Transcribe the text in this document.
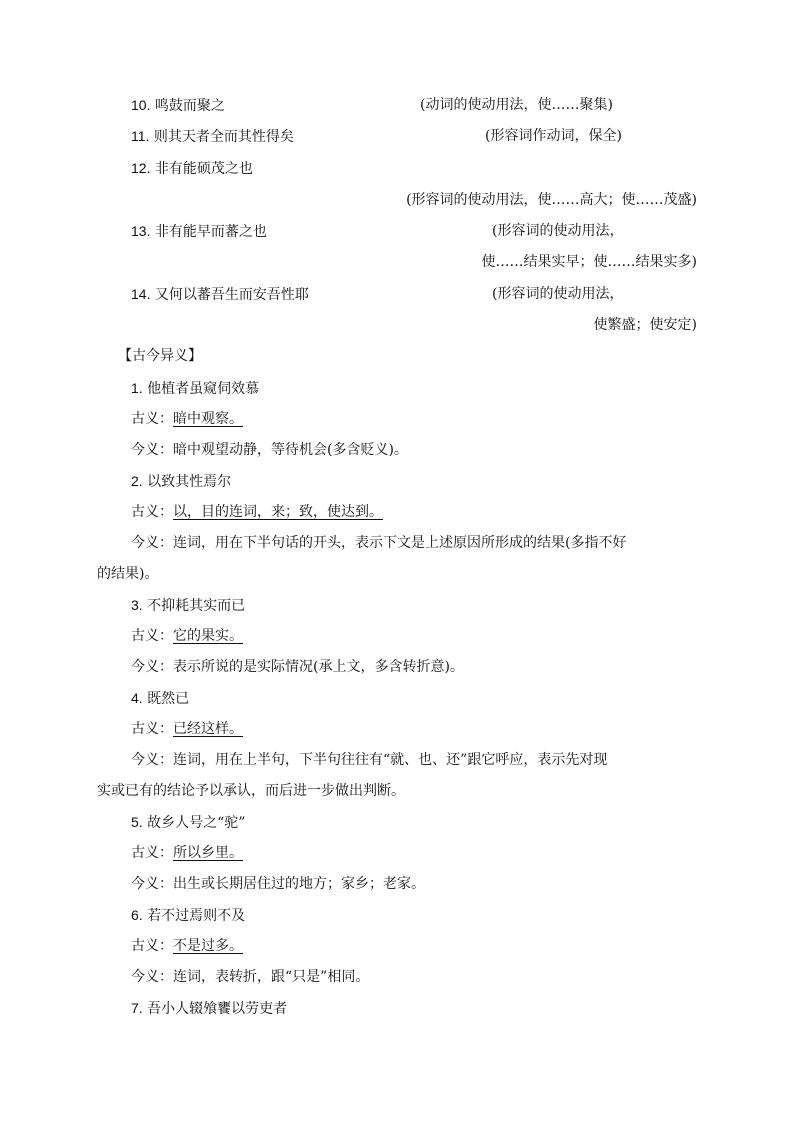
10. 鸣鼓而聚之	(动词的使动用法，使……聚集)
11. 则其天者全而其性得矣	(形容词作动词，保全)
12. 非有能硕茂之也
(形容词的使动用法，使……高大；使……茂盛)
13. 非有能早而蕃之也	(形容词的使动用法，
使……结果实早；使……结果实多)
14. 又何以蕃吾生而安吾性耶	(形容词的使动用法，
使繁盛；使安定)
【古今异义】
1. 他植者虽窥伺效慕
古义：暗中观察。
今义：暗中观望动静，等待机会(多含贬义)。
2. 以致其性焉尔
古义：以，目的连词，来；致，使达到。
今义：连词，用在下半句话的开头，表示下文是上述原因所形成的结果(多指不好
的结果)。
3. 不抑耗其实而已
古义：它的果实。
今义：表示所说的是实际情况(承上文，多含转折意)。
4. 既然已
古义：已经这样。
今义：连词，用在上半句，下半句往往有“就、也、还”跟它呼应，表示先对现
实或已有的结论予以承认，而后进一步做出判断。
5. 故乡人号之“驼”
古义：所以乡里。
今义：出生或长期居住过的地方；家乡；老家。
6. 若不过焉则不及
古义：不是过多。
今义：连词，表转折，跟“只是”相同。
7. 吾小人辍飧饔以劳吏者
